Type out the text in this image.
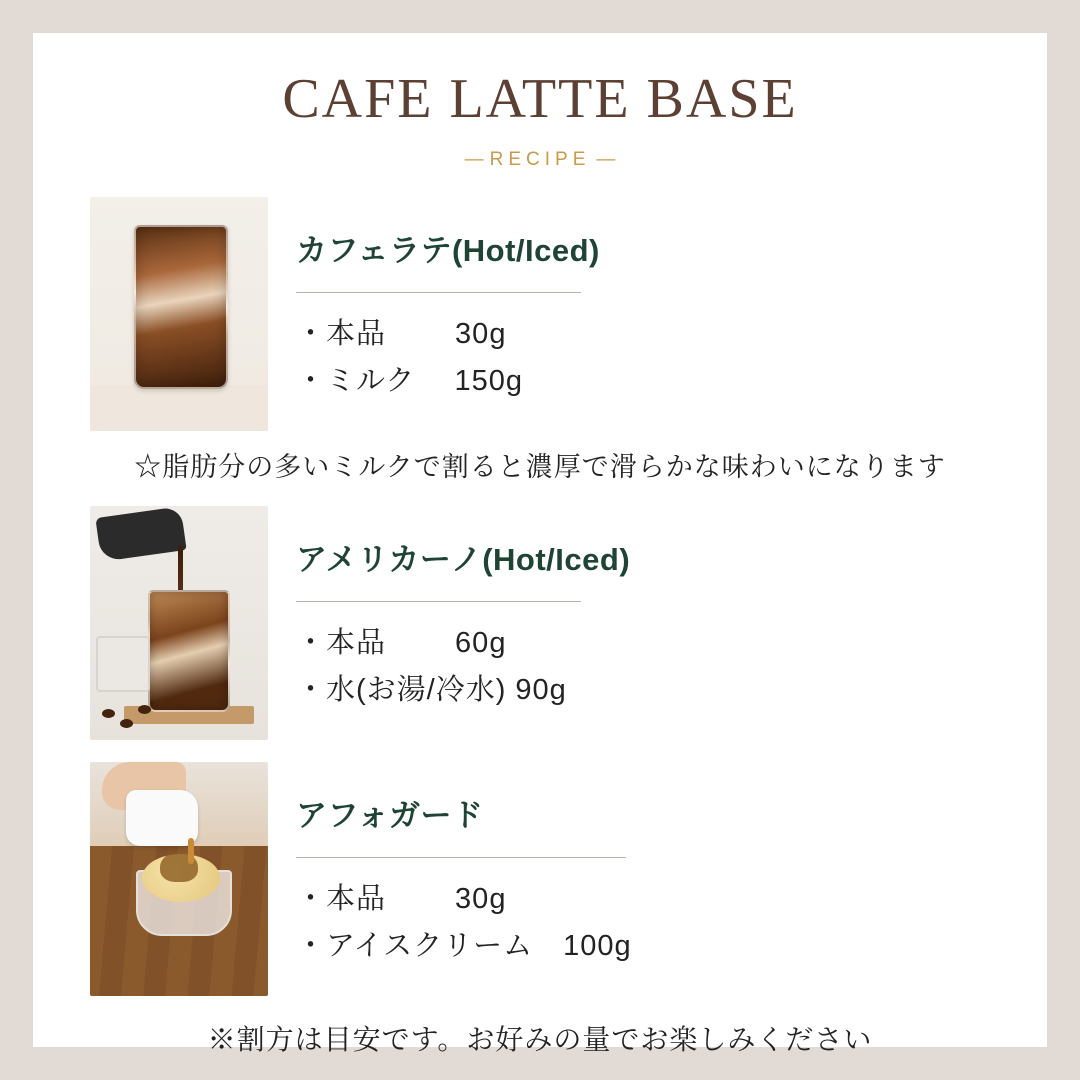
CAFE LATTE BASE
— RECIPE —
カフェラテ(Hot/Iced)
・本品　　 30g
・ミルク　 150g
☆脂肪分の多いミルクで割ると濃厚で滑らかな味わいになります
アメリカーノ(Hot/Iced)
・本品　　 60g
・水(お湯/冷水) 90g
アフォガード
・本品　　 30g
・アイスクリーム　100g
※割方は目安です。お好みの量でお楽しみください
